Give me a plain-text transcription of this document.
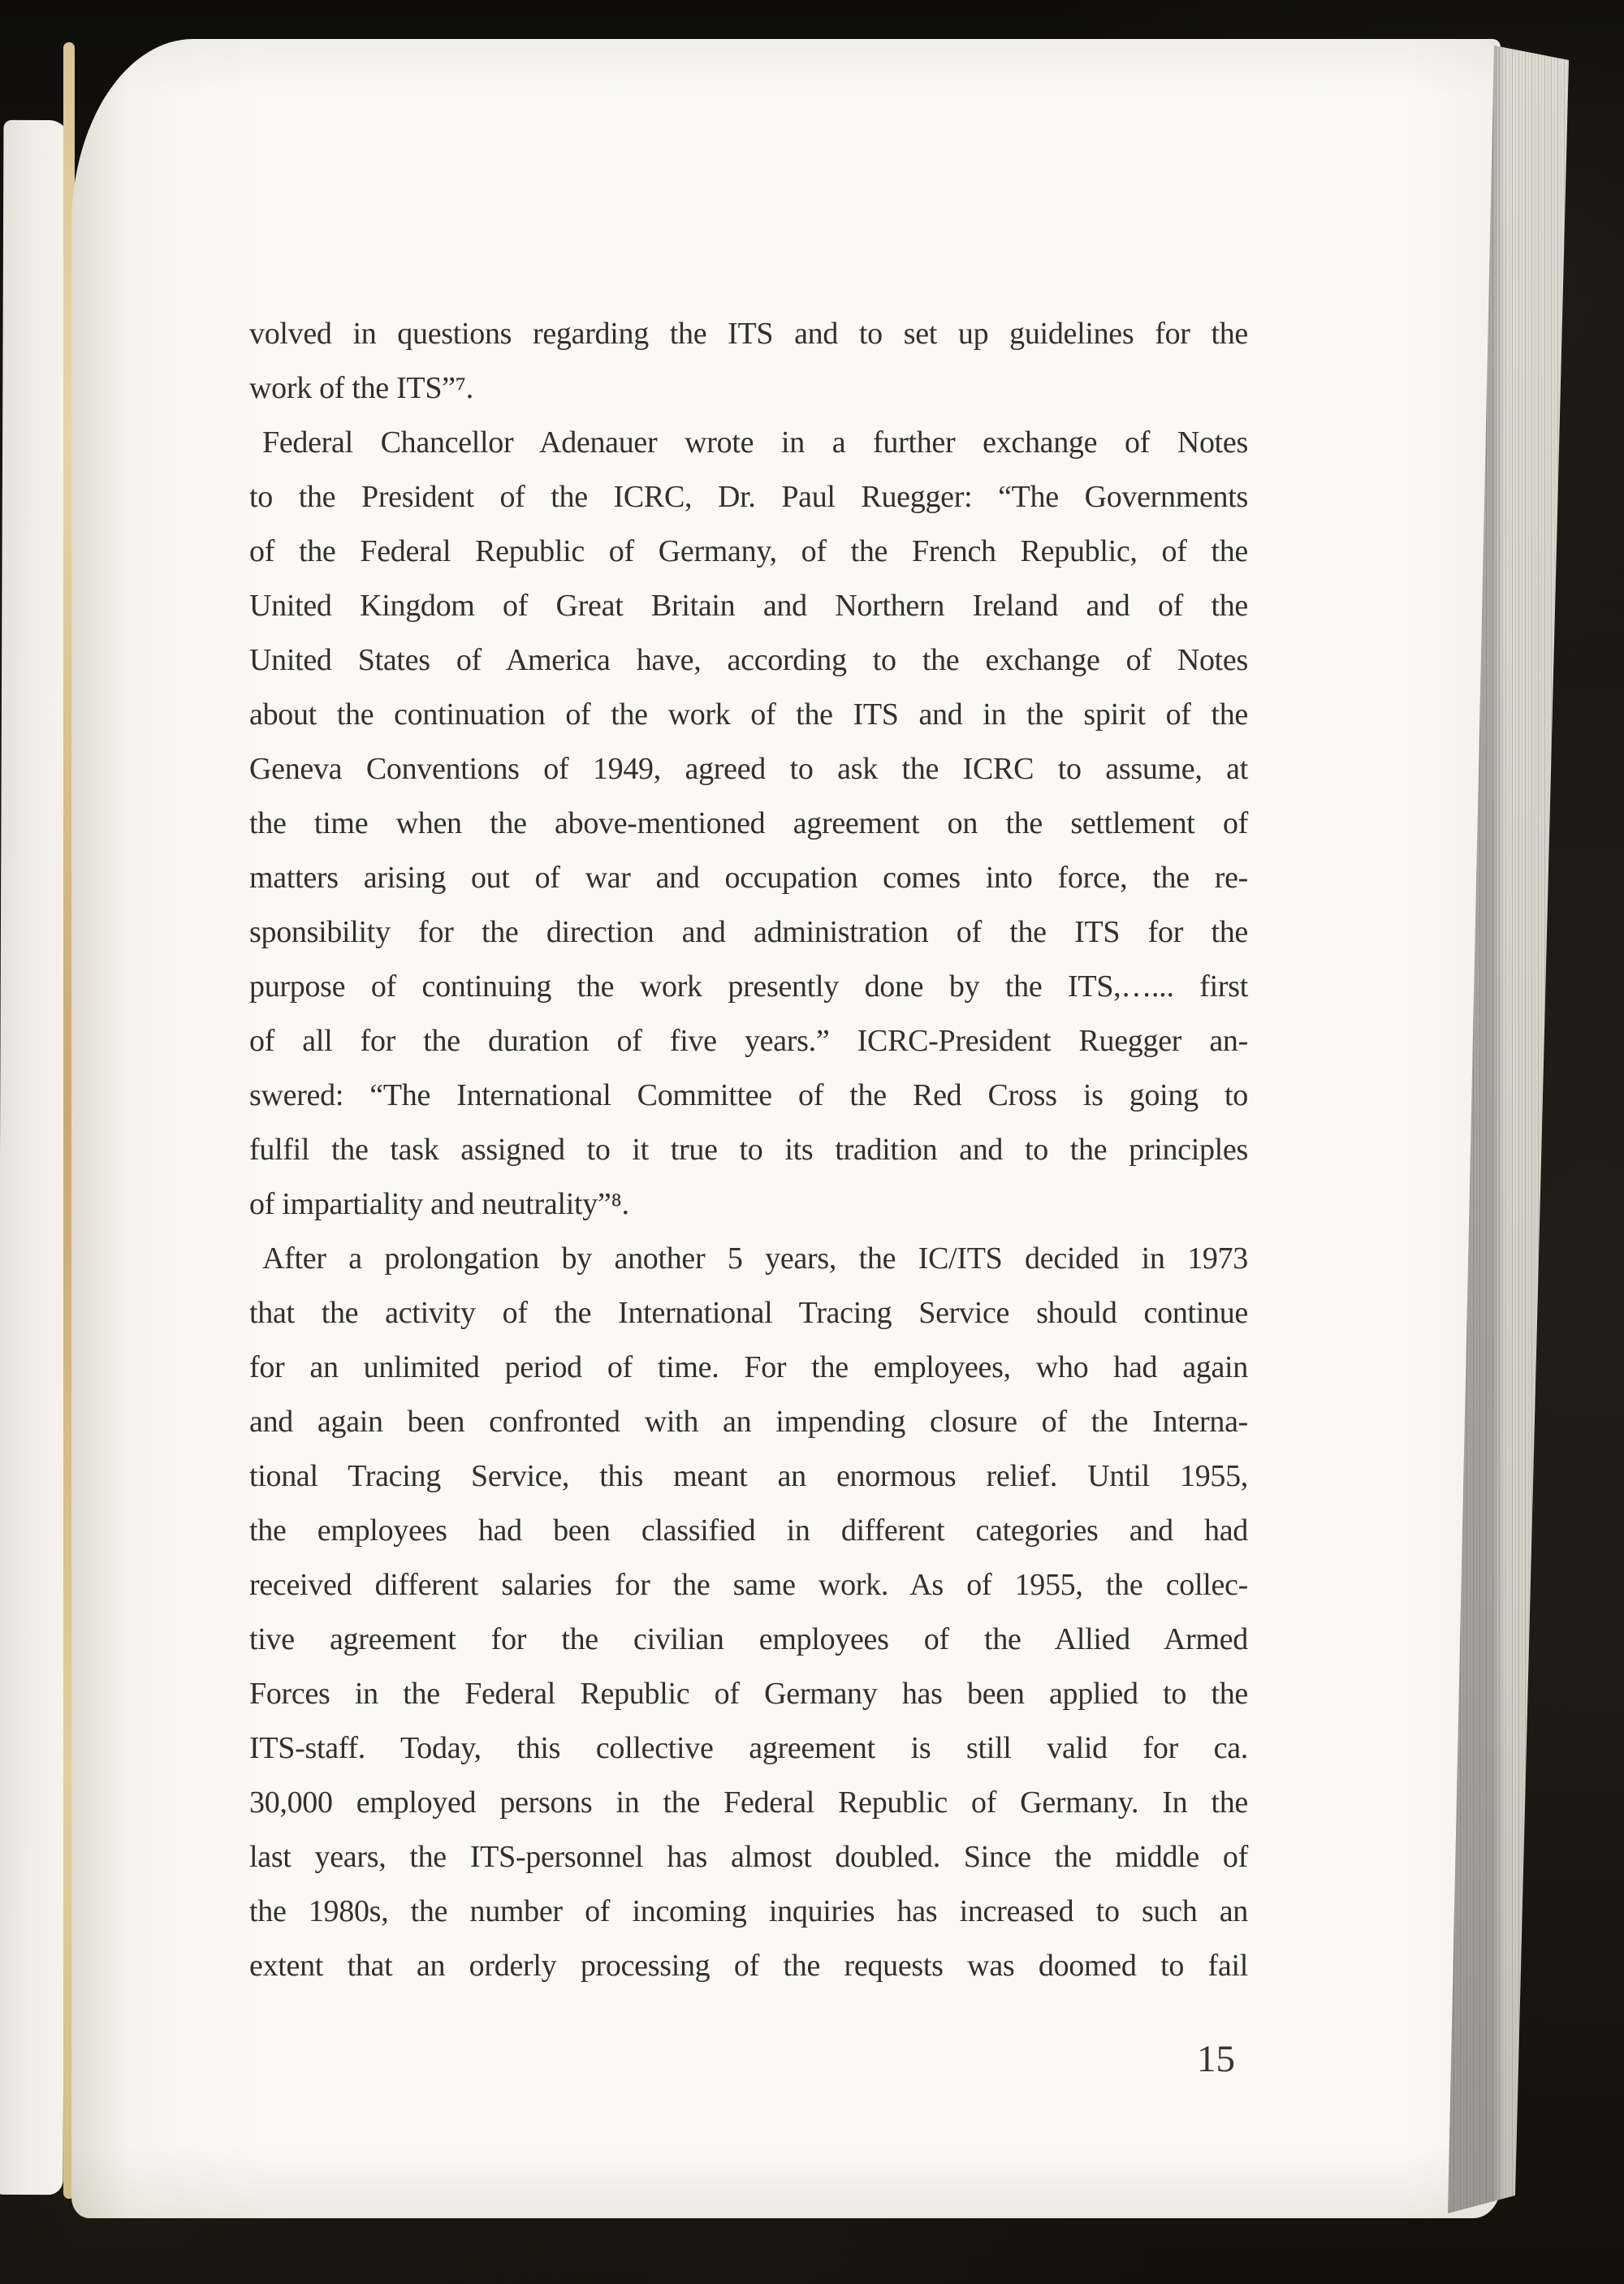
volved in questions regarding the ITS and to set up guidelines for the
work of the ITS”⁷.
Federal Chancellor Adenauer wrote in a further exchange of Notes
to the President of the ICRC, Dr. Paul Ruegger: “The Governments
of the Federal Republic of Germany, of the French Republic, of the
United Kingdom of Great Britain and Northern Ireland and of the
United States of America have, according to the exchange of Notes
about the continuation of the work of the ITS and in the spirit of the
Geneva Conventions of 1949, agreed to ask the ICRC to assume, at
the time when the above-mentioned agreement on the settlement of
matters arising out of war and occupation comes into force, the re-
sponsibility for the direction and administration of the ITS for the
purpose of continuing the work presently done by the ITS,…... first
of all for the duration of five years.” ICRC-President Ruegger an-
swered: “The International Committee of the Red Cross is going to
fulfil the task assigned to it true to its tradition and to the principles
of impartiality and neutrality”⁸.
After a prolongation by another 5 years, the IC/ITS decided in 1973
that the activity of the International Tracing Service should continue
for an unlimited period of time. For the employees, who had again
and again been confronted with an impending closure of the Interna-
tional Tracing Service, this meant an enormous relief. Until 1955,
the employees had been classified in different categories and had
received different salaries for the same work. As of 1955, the collec-
tive agreement for the civilian employees of the Allied Armed
Forces in the Federal Republic of Germany has been applied to the
ITS-staff. Today, this collective agreement is still valid for ca.
30,000 employed persons in the Federal Republic of Germany. In the
last years, the ITS-personnel has almost doubled. Since the middle of
the 1980s, the number of incoming inquiries has increased to such an
extent that an orderly processing of the requests was doomed to fail
15
